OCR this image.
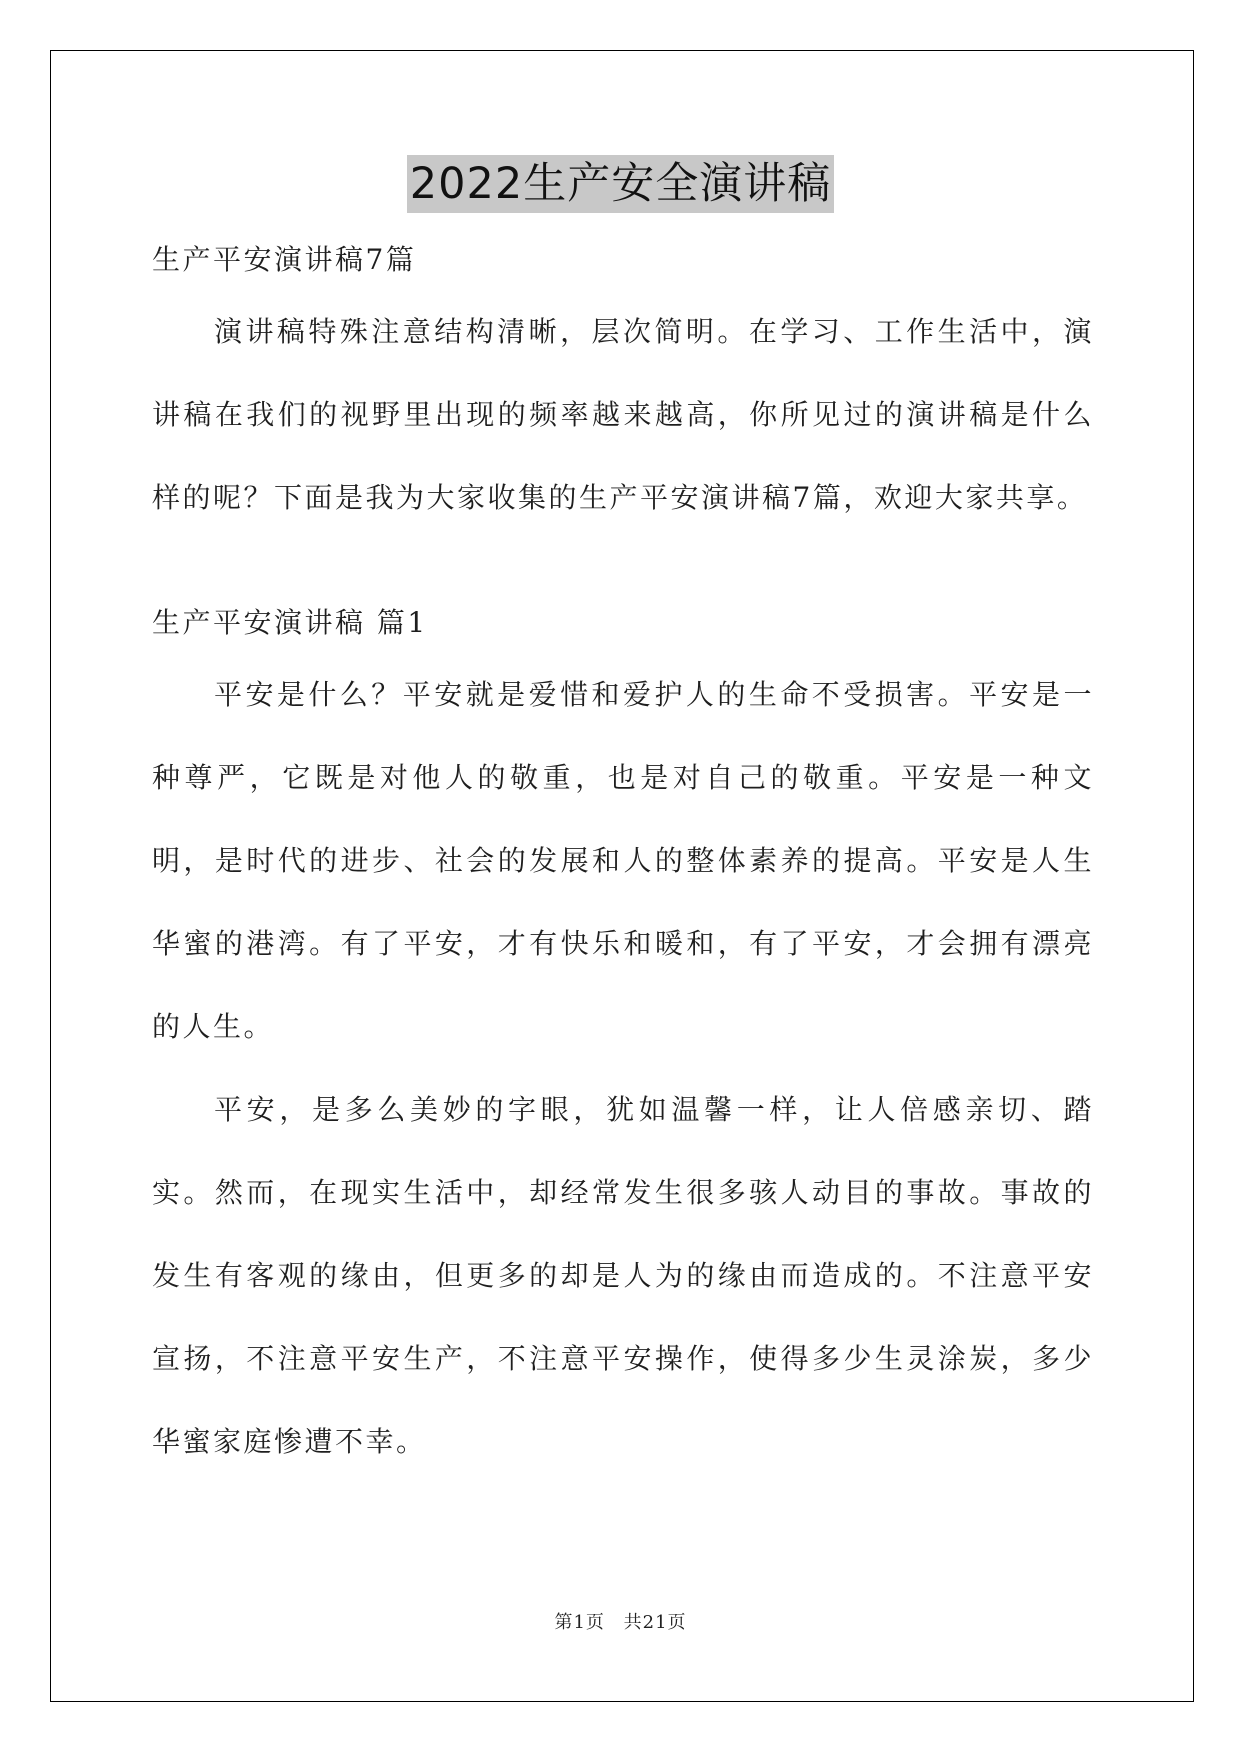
2022生产安全演讲稿

生产平安演讲稿7篇

演讲稿特殊注意结构清晰，层次简明。在学习、工作生活中，演讲稿在我们的视野里出现的频率越来越高，你所见过的演讲稿是什么样的呢？下面是我为大家收集的生产平安演讲稿7篇，欢迎大家共享。

生产平安演讲稿 篇1

平安是什么？平安就是爱惜和爱护人的生命不受损害。平安是一种尊严，它既是对他人的敬重，也是对自己的敬重。平安是一种文明，是时代的进步、社会的发展和人的整体素养的提高。平安是人生华蜜的港湾。有了平安，才有快乐和暖和，有了平安，才会拥有漂亮的人生。

平安，是多么美妙的字眼，犹如温馨一样，让人倍感亲切、踏实。然而，在现实生活中，却经常发生很多骇人动目的事故。事故的发生有客观的缘由，但更多的却是人为的缘由而造成的。不注意平安宣扬，不注意平安生产，不注意平安操作，使得多少生灵涂炭，多少华蜜家庭惨遭不幸。

第1页 共21页
